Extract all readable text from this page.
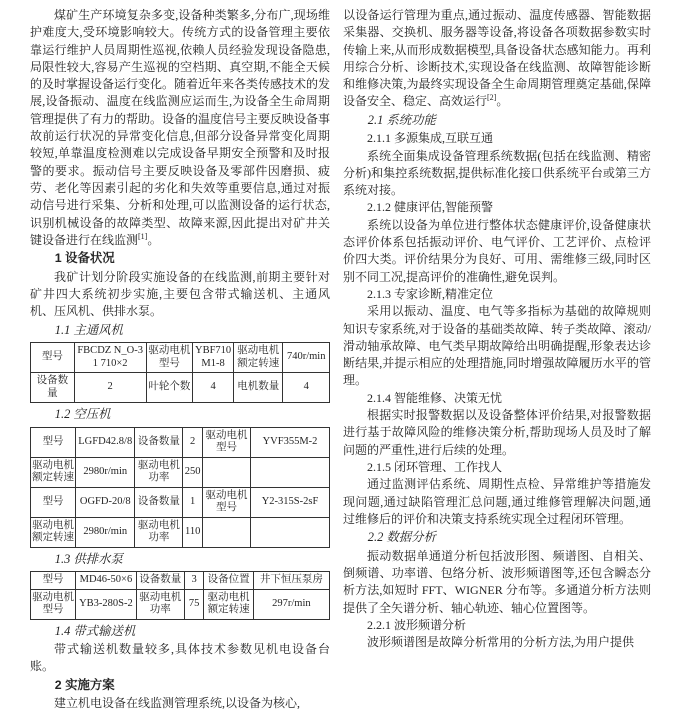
煤矿生产环境复杂多变,设备种类繁多,分布广,现场维护难度大,受环境影响较大。传统方式的设备管理主要依靠运行维护人员周期性巡视,依赖人员经验发现设备隐患,局限性较大,容易产生巡视的空档期、真空期,不能全天候的及时掌握设备运行变化。随着近年来各类传感技术的发展,设备振动、温度在线监测应运而生,为设备全生命周期管理提供了有力的帮助。设备的温度信号主要反映设备事故前运行状况的异常变化信息,但部分设备异常变化周期较短,单靠温度检测难以完成设备早期安全预警和及时报警的要求。振动信号主要反映设备及零部件因磨损、疲劳、老化等因素引起的劣化和失效等重要信息,通过对振动信号进行采集、分析和处理,可以监测设备的运行状态,识别机械设备的故障类型、故障来源,因此提出对矿井关键设备进行在线监测[1]。

1 设备状况

我矿计划分阶段实施设备的在线监测,前期主要针对矿井四大系统初步实施,主要包含带式输送机、主通风机、压风机、供排水泵。

1.1 主通风机
型号	FBCDZ N_O-31 710×2	驱动电机型号	YBF710 M1-8	驱动电机额定转速	740r/min
设备数量	2	叶轮个数	4	电机数量	4
1.2 空压机
型号	LGFD42.8/8	设备数量	2	驱动电机型号	YVF355M-2
驱动电机额定转速	2980r/min	驱动电机功率	250		
型号	OGFD-20/8	设备数量	1	驱动电机型号	Y2-315S-2sF
驱动电机额定转速	2980r/min	驱动电机功率	110		
1.3 供排水泵
型号	MD46-50×6	设备数量	3	设备位置	井下恒压泵房
驱动电机型号	YB3-280S-2	驱动电机功率	75	驱动电机额定转速	297r/min
1.4 带式输送机

带式输送机数量较多,具体技术参数见机电设备台账。

2 实施方案

建立机电设备在线监测管理系统,以设备为核心,

以设备运行管理为重点,通过振动、温度传感器、智能数据采集器、交换机、服务器等设备,将设备各项数据参数实时传输上来,从而形成数据模型,具备设备状态感知能力。再利用综合分析、诊断技术,实现设备在线监测、故障智能诊断和维修决策,为最终实现设备全生命周期管理奠定基础,保障设备安全、稳定、高效运行[2]。

2.1 系统功能
2.1.1 多源集成,互联互通

系统全面集成设备管理系统数据(包括在线监测、精密分析)和集控系统数据,提供标准化接口供系统平台或第三方系统对接。

2.1.2 健康评估,智能预警

系统以设备为单位进行整体状态健康评价,设备健康状态评价体系包括振动评价、电气评价、工艺评价、点检评价四大类。评价结果分为良好、可用、需维修三级,同时区别不同工况,提高评价的准确性,避免误判。

2.1.3 专家诊断,精准定位

采用以振动、温度、电气等多指标为基础的故障规则知识专家系统,对于设备的基础类故障、转子类故障、滚动/滑动轴承故障、电气类早期故障给出明确提醒,形象表达诊断结果,并提示相应的处理措施,同时增强故障履历水平的管理。

2.1.4 智能维修、决策无忧

根据实时报警数据以及设备整体评价结果,对报警数据进行基于故障风险的维修决策分析,帮助现场人员及时了解问题的严重性,进行后续的处理。

2.1.5 闭环管理、工作找人

通过监测评估系统、周期性点检、异常维护等措施发现问题,通过缺陷管理汇总问题,通过维修管理解决问题,通过维修后的评价和决策支持系统实现全过程闭环管理。

2.2 数据分析

振动数据单通道分析包括波形图、频谱图、自相关、倒频谱、功率谱、包络分析、波形频谱图等,还包含瞬态分析方法,如短时 FFT、WIGNER 分布等。多通道分析方法则提供了全矢谱分析、轴心轨迹、轴心位置图等。

2.2.1 波形频谱分析

波形频谱图是故障分析常用的分析方法,为用户提供
